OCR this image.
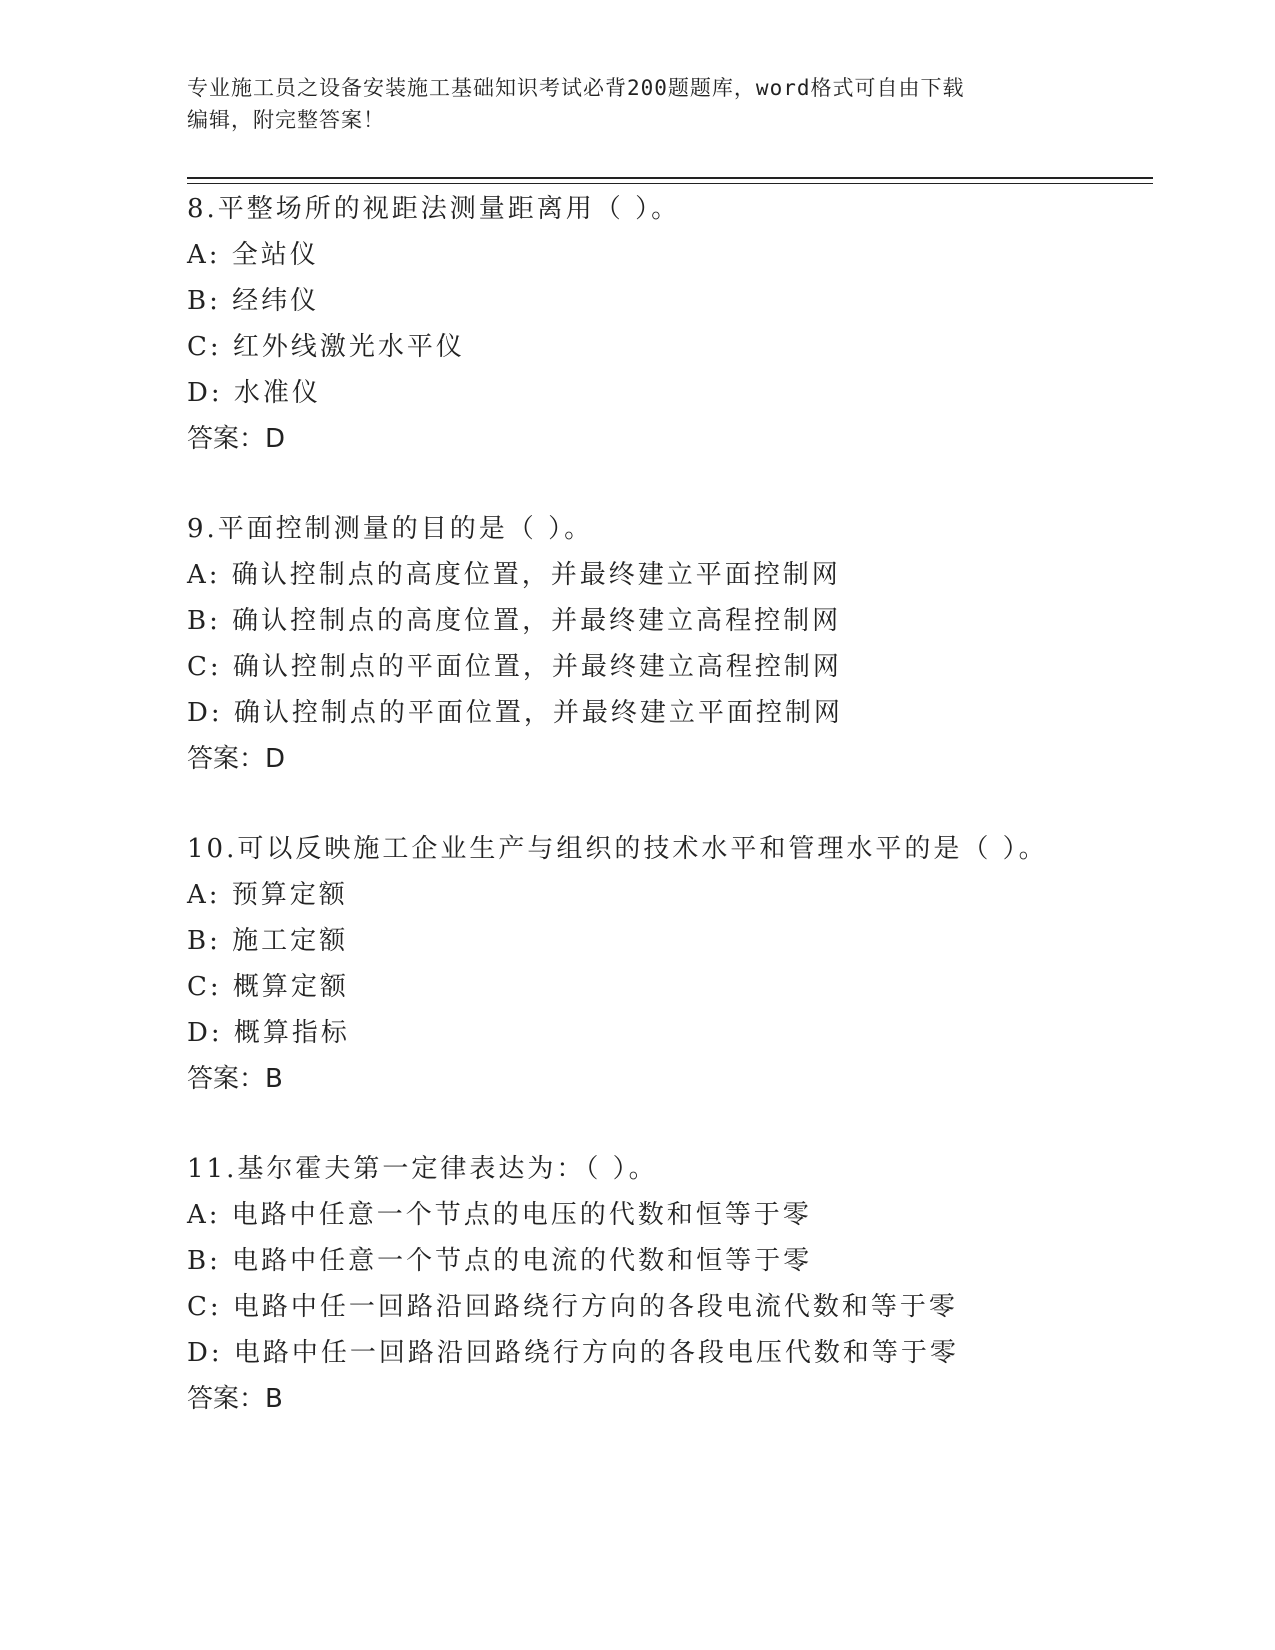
专业施工员之设备安装施工基础知识考试必背200题题库，word格式可自由下载
编辑，附完整答案！
8.平整场所的视距法测量距离用（ ）。
A: 全站仪
B: 经纬仪
C: 红外线激光水平仪
D: 水准仪
答案：D
9.平面控制测量的目的是（ ）。
A: 确认控制点的高度位置，并最终建立平面控制网
B: 确认控制点的高度位置，并最终建立高程控制网
C: 确认控制点的平面位置，并最终建立高程控制网
D: 确认控制点的平面位置，并最终建立平面控制网
答案：D
10.可以反映施工企业生产与组织的技术水平和管理水平的是（ ）。
A: 预算定额
B: 施工定额
C: 概算定额
D: 概算指标
答案：B
11.基尔霍夫第一定律表达为：（ ）。
A: 电路中任意一个节点的电压的代数和恒等于零
B: 电路中任意一个节点的电流的代数和恒等于零
C: 电路中任一回路沿回路绕行方向的各段电流代数和等于零
D: 电路中任一回路沿回路绕行方向的各段电压代数和等于零
答案：B
